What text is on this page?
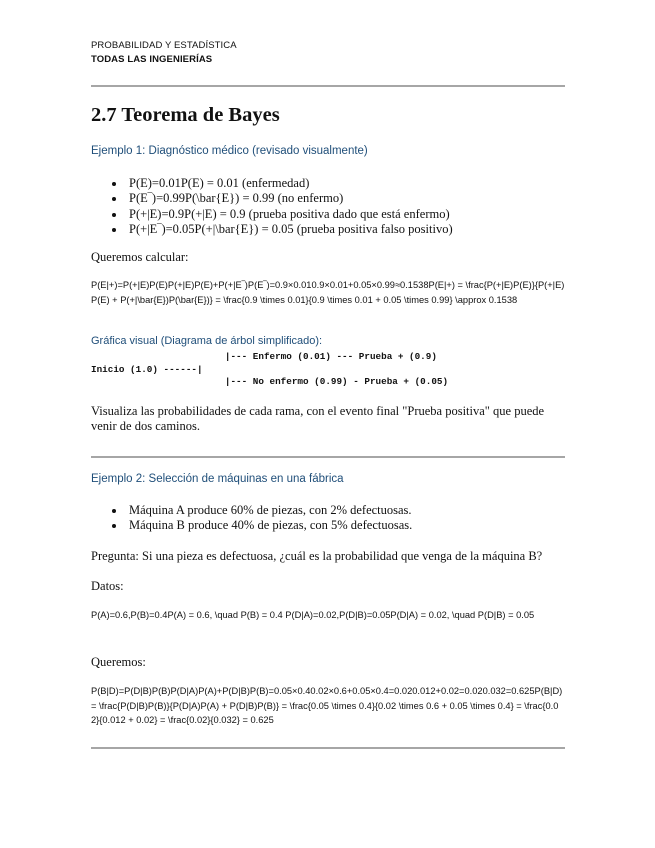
PROBABILIDAD Y ESTADÍSTICA
TODAS LAS INGENIERÍAS
2.7 Teorema de Bayes
Ejemplo 1: Diagnóstico médico (revisado visualmente)
P(E)=0.01P(E) = 0.01 (enfermedad)
P(E‾)=0.99P(\bar{E}) = 0.99 (no enfermo)
P(+|E)=0.9P(+|E) = 0.9 (prueba positiva dado que está enfermo)
P(+|E‾)=0.05P(+|\bar{E}) = 0.05 (prueba positiva falso positivo)
Queremos calcular:
P(E|+)=P(+|E)P(E)P(+|E)P(E)+P(+|E‾)P(E‾)=0.9×0.010.9×0.01+0.05×0.99≈0.1538P(E|+) = \frac{P(+|E)P(E)}{P(+|E)P(E) + P(+|\bar{E})P(\bar{E})} = \frac{0.9 \times 0.01}{0.9 \times 0.01 + 0.05 \times 0.99} \approx 0.1538
Gráfica visual (Diagrama de árbol simplificado):
|--- Enfermo (0.01) --- Prueba + (0.9)
Inicio (1.0) ------|
|--- No enfermo (0.99) - Prueba + (0.05)
Visualiza las probabilidades de cada rama, con el evento final "Prueba positiva" que puede venir de dos caminos.
Ejemplo 2: Selección de máquinas en una fábrica
Máquina A produce 60% de piezas, con 2% defectuosas.
Máquina B produce 40% de piezas, con 5% defectuosas.
Pregunta: Si una pieza es defectuosa, ¿cuál es la probabilidad que venga de la máquina B?
Datos:
P(A)=0.6,P(B)=0.4P(A) = 0.6, \quad P(B) = 0.4 P(D|A)=0.02,P(D|B)=0.05P(D|A) = 0.02, \quad P(D|B) = 0.05
Queremos:
P(B|D)=P(D|B)P(B)P(D|A)P(A)+P(D|B)P(B)=0.05×0.40.02×0.6+0.05×0.4=0.020.012+0.02=0.020.032=0.625P(B|D) = \frac{P(D|B)P(B)}{P(D|A)P(A) + P(D|B)P(B)} = \frac{0.05 \times 0.4}{0.02 \times 0.6 + 0.05 \times 0.4} = \frac{0.02}{0.012 + 0.02} = \frac{0.02}{0.032} = 0.625
